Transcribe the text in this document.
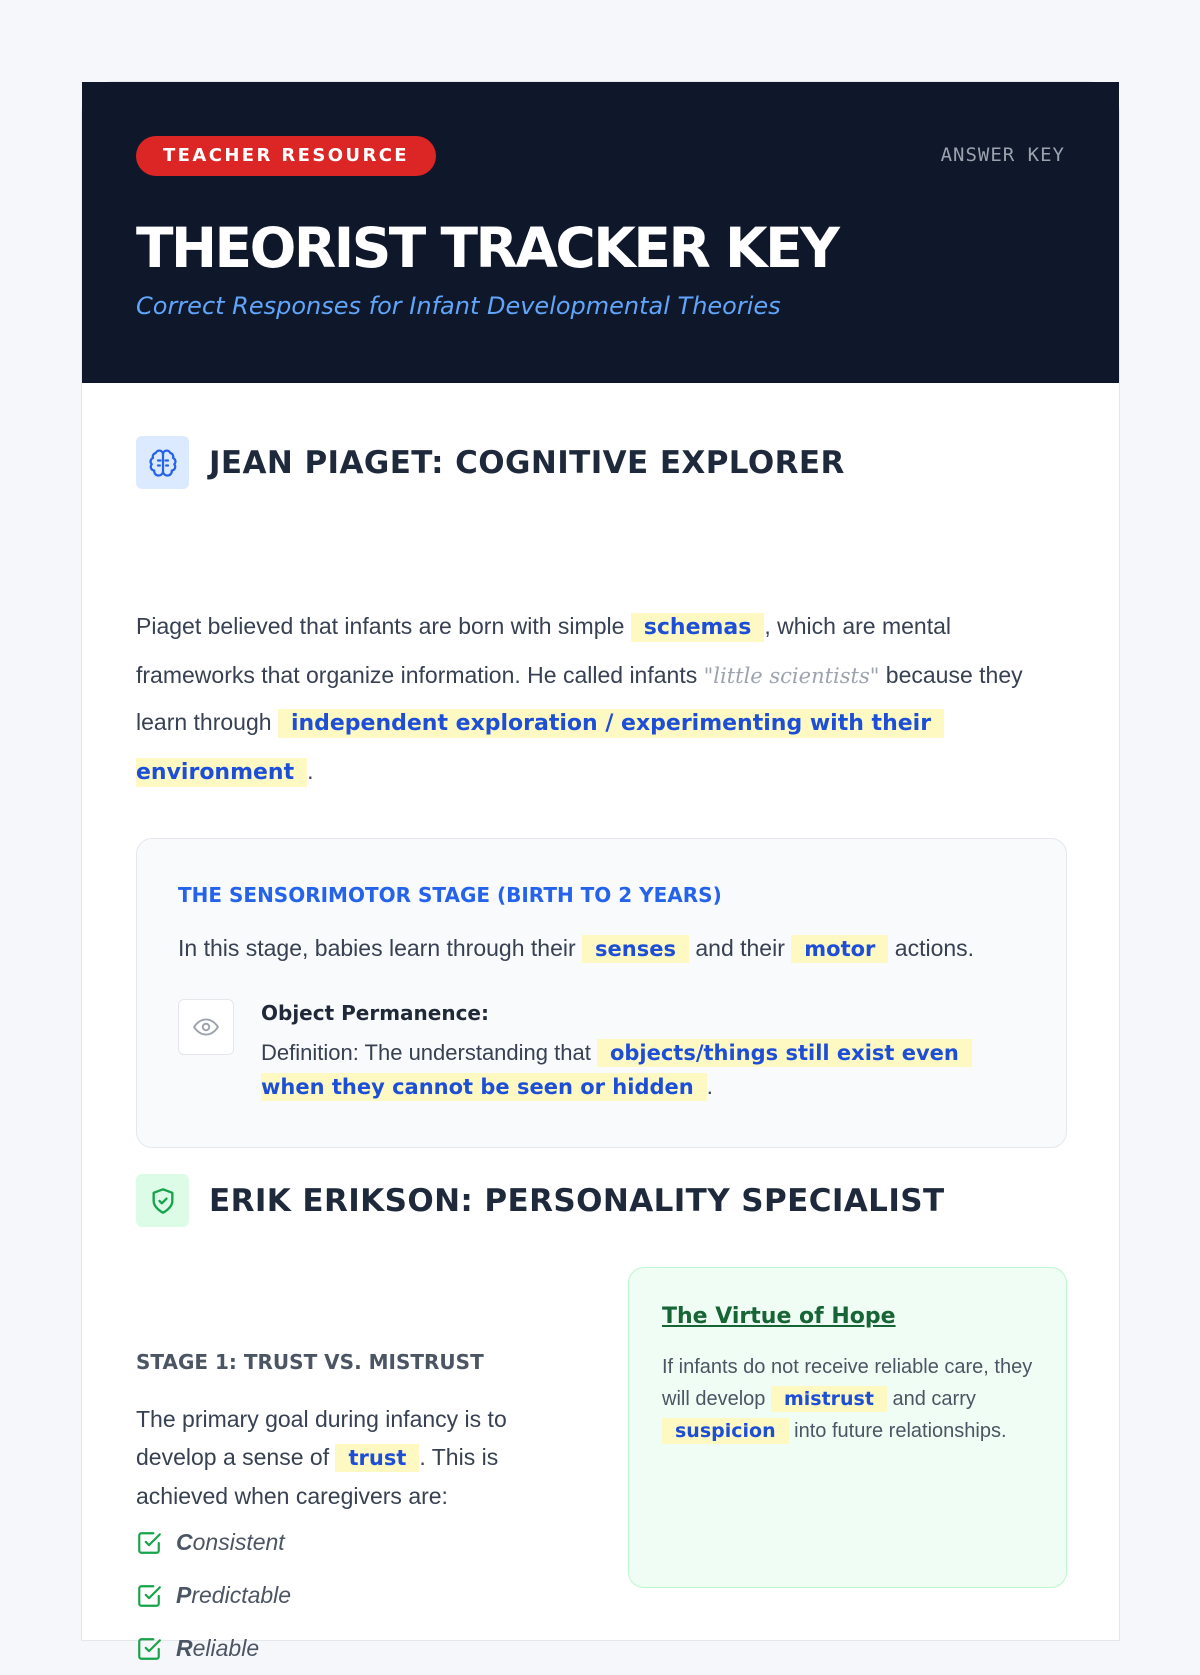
TEACHER RESOURCE	ANSWER KEY
THEORIST TRACKER KEY
Correct Responses for Infant Developmental Theories
JEAN PIAGET: COGNITIVE EXPLORER

Piaget believed that infants are born with simple schemas , which are mental frameworks that organize information. He called infants "little scientists" because they learn through independent exploration / experimenting with their
environment .

THE SENSORIMOTOR STAGE (BIRTH TO 2 YEARS)
In this stage, babies learn through their senses and their motor actions.
Object Permanence:
Definition: The understanding that objects/things still exist even
when they cannot be seen or hidden .
ERIK ERIKSON: PERSONALITY SPECIALIST
STAGE 1: TRUST VS. MISTRUST

The primary goal during infancy is to develop a sense of trust . This is achieved when caregivers are:

Consistent
Predictable
Reliable
The Virtue of Hope

If infants do not receive reliable care, they will develop mistrust and carry suspicion into future relationships.
